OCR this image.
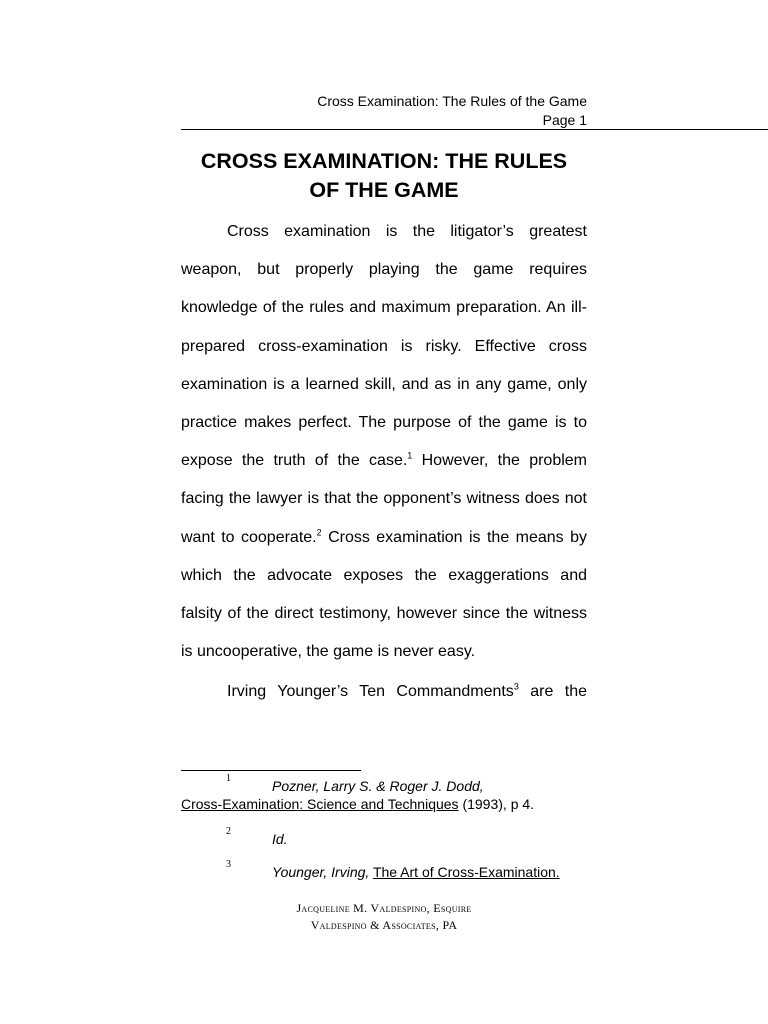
Cross Examination: The Rules of the Game
Page 1
CROSS EXAMINATION: THE RULES
OF THE GAME

Cross examination is the litigator’s greatest weapon, but properly playing the game requires knowledge of the rules and maximum preparation. An ill-prepared cross-examination is risky. Effective cross examination is a learned skill, and as in any game, only practice makes perfect. The purpose of the game is to expose the truth of the case.$^1$ However, the problem facing the lawyer is that the opponent’s witness does not want to cooperate.$^2$ Cross examination is the means by which the advocate exposes the exaggerations and falsity of the direct testimony, however since the witness is uncooperative, the game is never easy.

Irving Younger’s Ten Commandments$^3$ are the

1	Pozner, Larry S. & Roger J. Dodd,
Cross-Examination: Science and Techniques (1993), p 4.
2	Id.
3	Younger, Irving, The Art of Cross-Examination.
Jacqueline M. Valdespino, Esquire
Valdespino & Associates, PA
